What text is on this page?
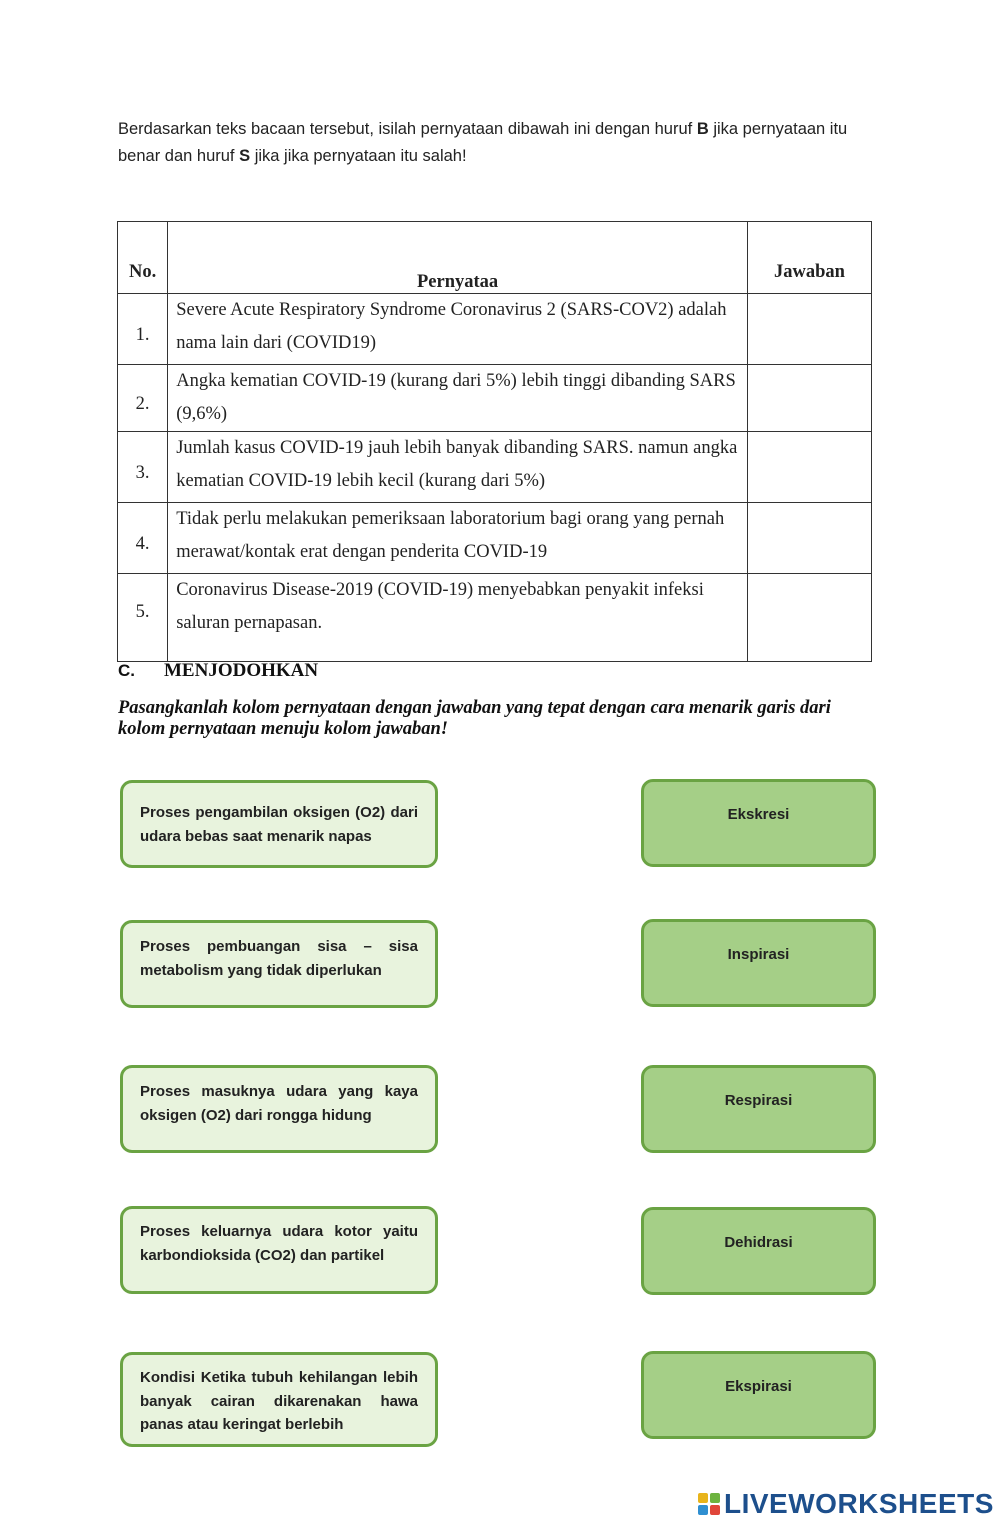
Berdasarkan teks bacaan tersebut, isilah pernyataan dibawah ini dengan huruf B jika pernyataan itu benar dan huruf S jika jika pernyataan itu salah!
No.	Pernyataa	Jawaban
1.	Severe Acute Respiratory Syndrome Coronavirus 2 (SARS-COV2) adalah nama lain dari (COVID19)	

2.	Angka kematian COVID-19 (kurang dari 5%) lebih tinggi dibanding SARS (9,6%)	

3.	Jumlah kasus COVID-19 jauh lebih banyak dibanding SARS. namun angka kematian COVID-19 lebih kecil (kurang dari 5%)	

4.	Tidak perlu melakukan pemeriksaan laboratorium bagi orang yang pernah merawat/kontak erat dengan penderita COVID-19	

5.	Coronavirus Disease-2019 (COVID-19) menyebabkan penyakit infeksi saluran pernapasan.	
C. MENJODOHKAN
Pasangkanlah kolom pernyataan dengan jawaban yang tepat dengan cara menarik garis dari kolom pernyataan menuju kolom jawaban!
Proses pengambilan oksigen (O2) dari udara bebas saat menarik napas
Proses pembuangan sisa – sisa metabolism yang tidak diperlukan
Proses masuknya udara yang kaya oksigen (O2) dari rongga hidung
Proses keluarnya udara kotor yaitu karbondioksida (CO2) dan partikel
Kondisi Ketika tubuh kehilangan lebih banyak cairan dikarenakan hawa panas atau keringat berlebih
Ekskresi
Inspirasi
Respirasi
Dehidrasi
Ekspirasi
LIVEWORKSHEETS
